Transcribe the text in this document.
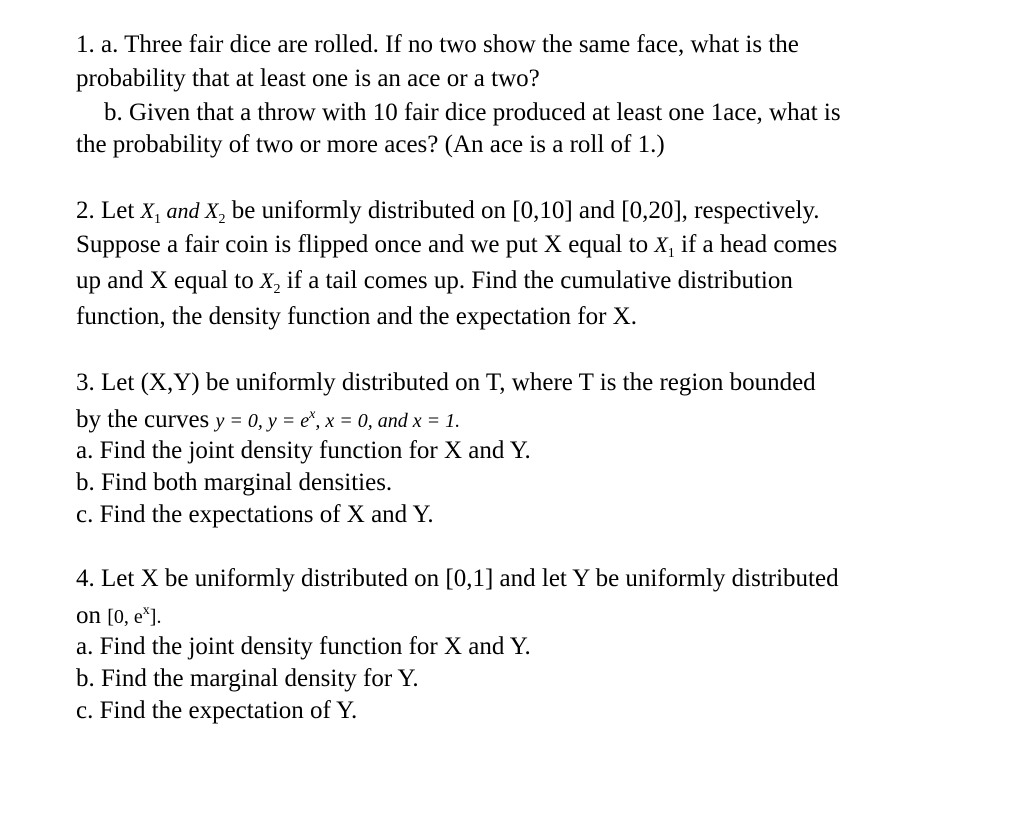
1. a. Three fair dice are rolled. If no two show the same face, what is the
probability that at least one is an ace or a two?
b. Given that a throw with 10 fair dice produced at least one 1ace, what is
the probability of two or more aces? (An ace is a roll of 1.)
2. Let $X_1$ and $X_2$ be uniformly distributed on [0,10] and [0,20], respectively.
Suppose a fair coin is flipped once and we put X equal to $X_1$ if a head comes
up and X equal to $X_2$ if a tail comes up. Find the cumulative distribution
function, the density function and the expectation for X.
3. Let (X,Y) be uniformly distributed on T, where T is the region bounded
by the curves y = 0, $y = e^x$, x = 0, and x = 1.
a. Find the joint density function for X and Y.
b. Find both marginal densities.
c. Find the expectations of X and Y.
4. Let X be uniformly distributed on [0,1] and let Y be uniformly distributed
on [0, $e^x$].
a. Find the joint density function for X and Y.
b. Find the marginal density for Y.
c. Find the expectation of Y.
